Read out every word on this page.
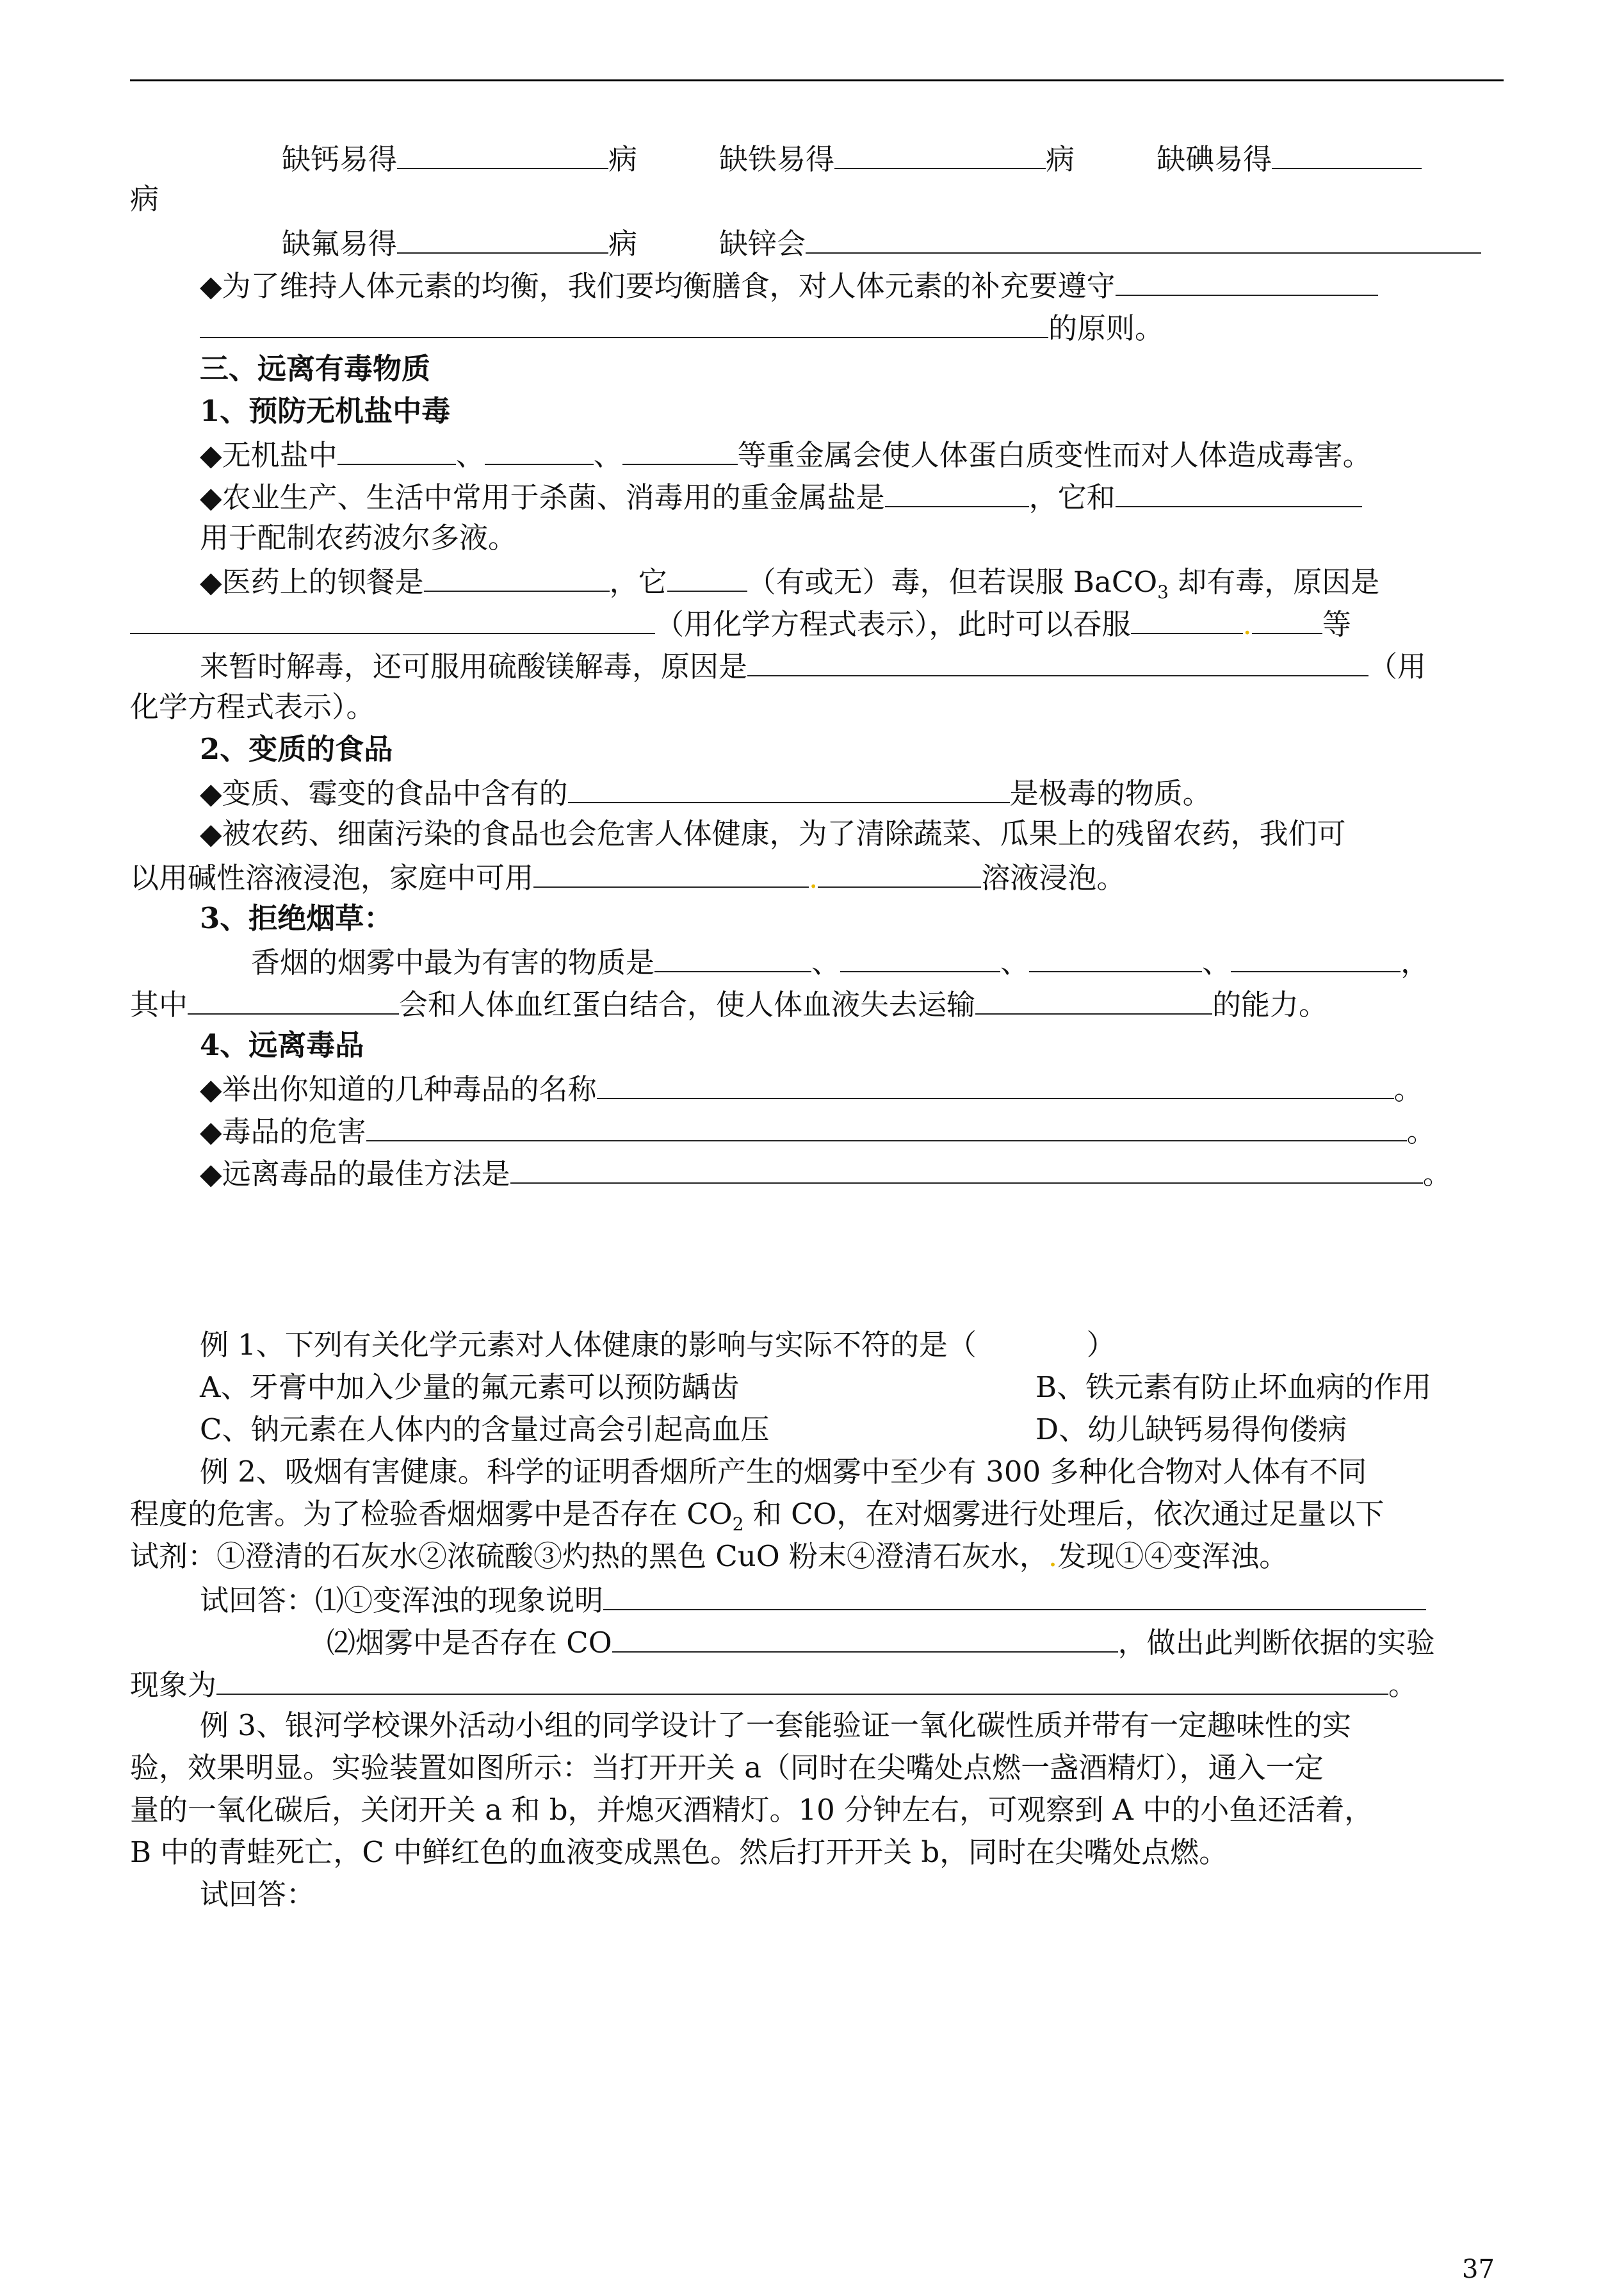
缺钙易得	病	缺铁易得	病	缺碘易得
病
缺氟易得	病	缺锌会
◆为了维持人体元素的均衡，我们要均衡膳食，对人体元素的补充要遵守
的原则。
三、远离有毒物质
1、预防无机盐中毒
◆无机盐中	、	、	等重金属会使人体蛋白质变性而对人体造成毒害。
◆农业生产、生活中常用于杀菌、消毒用的重金属盐是	，它和
用于配制农药波尔多液。
◆医药上的钡餐是	，它	（有或无）毒，但若误服 BaCO$_3$ 却有毒，原因是
（用化学方程式表示），此时可以吞服	. 等
来暂时解毒，还可服用硫酸镁解毒，原因是	（用
化学方程式表示）。
2、变质的食品
◆变质、霉变的食品中含有的	是极毒的物质。
◆被农药、细菌污染的食品也会危害人体健康，为了清除蔬菜、瓜果上的残留农药，我们可
以用碱性溶液浸泡，家庭中可用	.	溶液浸泡。
3、拒绝烟草：
香烟的烟雾中最为有害的物质是	、	、	、	，
其中	会和人体血红蛋白结合，使人体血液失去运输	的能力。
4、远离毒品
◆举出你知道的几种毒品的名称	。
◆毒品的危害	。
◆远离毒品的最佳方法是	。
例 1、下列有关化学元素对人体健康的影响与实际不符的是（            ）
A、牙膏中加入少量的氟元素可以预防龋齿	B、铁元素有防止坏血病的作用
C、钠元素在人体内的含量过高会引起高血压	D、幼儿缺钙易得佝偻病
例 2、吸烟有害健康。科学的证明香烟所产生的烟雾中至少有 300 多种化合物对人体有不同
程度的危害。为了检验香烟烟雾中是否存在 $CO_2$ 和 CO，在对烟雾进行处理后，依次通过足量以下
试剂：①澄清的石灰水②浓硫酸③灼热的黑色 CuO 粉末④澄清石灰水，.发现①④变浑浊。
试回答：⑴①变浑浊的现象说明
⑵烟雾中是否存在 CO	，做出此判断依据的实验
现象为	。
例 3、银河学校课外活动小组的同学设计了一套能验证一氧化碳性质并带有一定趣味性的实
验，效果明显。实验装置如图所示：当打开开关 a（同时在尖嘴处点燃一盏酒精灯），通入一定
量的一氧化碳后，关闭开关 a 和 b，并熄灭酒精灯。10 分钟左右，可观察到 A 中的小鱼还活着，
B 中的青蛙死亡，C 中鲜红色的血液变成黑色。然后打开开关 b，同时在尖嘴处点燃。
试回答：
37
